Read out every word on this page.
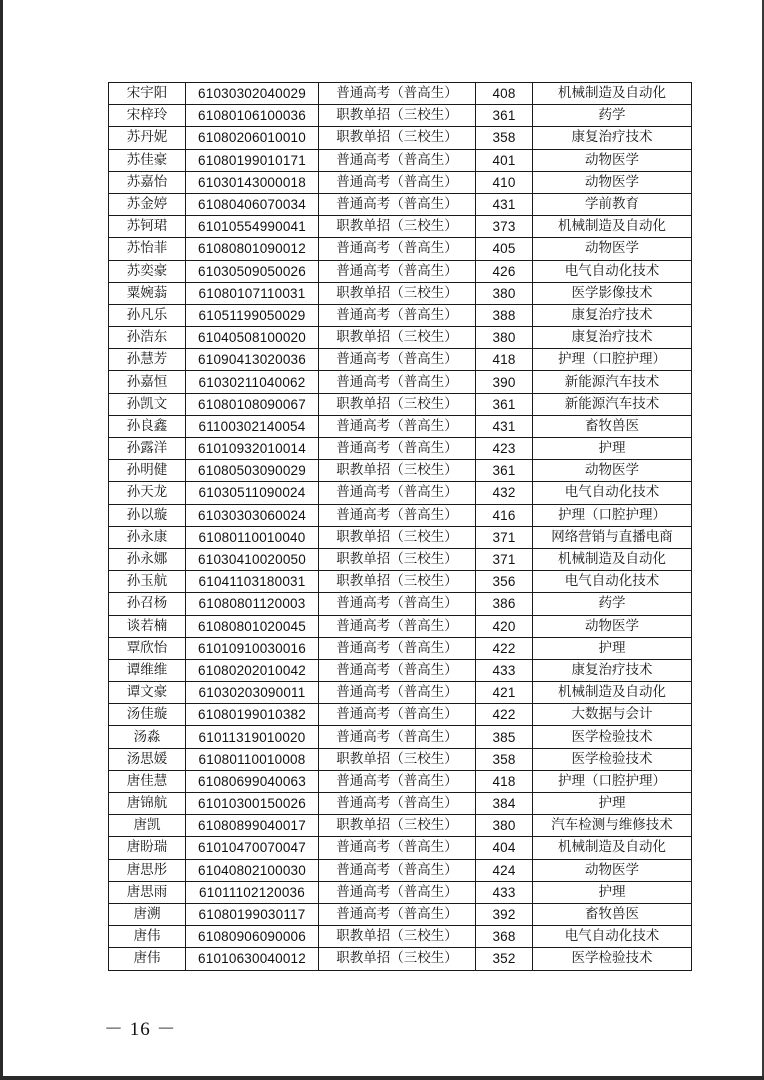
宋宇阳	61030302040029	普通高考（普高生）	408	机械制造及自动化
宋梓玲	61080106100036	职教单招（三校生）	361	药学
苏丹妮	61080206010010	职教单招（三校生）	358	康复治疗技术
苏佳豪	61080199010171	普通高考（普高生）	401	动物医学
苏嘉怡	61030143000018	普通高考（普高生）	410	动物医学
苏金婷	61080406070034	普通高考（普高生）	431	学前教育
苏钶珺	61010554990041	职教单招（三校生）	373	机械制造及自动化
苏怡菲	61080801090012	普通高考（普高生）	405	动物医学
苏奕豪	61030509050026	普通高考（普高生）	426	电气自动化技术
粟婉蓊	61080107110031	职教单招（三校生）	380	医学影像技术
孙凡乐	61051199050029	普通高考（普高生）	388	康复治疗技术
孙浩东	61040508100020	职教单招（三校生）	380	康复治疗技术
孙慧芳	61090413020036	普通高考（普高生）	418	护理（口腔护理）
孙嘉恒	61030211040062	普通高考（普高生）	390	新能源汽车技术
孙凯文	61080108090067	职教单招（三校生）	361	新能源汽车技术
孙良鑫	61100302140054	普通高考（普高生）	431	畜牧兽医
孙露洋	61010932010014	普通高考（普高生）	423	护理
孙明健	61080503090029	职教单招（三校生）	361	动物医学
孙天龙	61030511090024	普通高考（普高生）	432	电气自动化技术
孙以璇	61030303060024	普通高考（普高生）	416	护理（口腔护理）
孙永康	61080110010040	职教单招（三校生）	371	网络营销与直播电商
孙永娜	61030410020050	职教单招（三校生）	371	机械制造及自动化
孙玉航	61041103180031	职教单招（三校生）	356	电气自动化技术
孙召杨	61080801120003	普通高考（普高生）	386	药学
谈若楠	61080801020045	普通高考（普高生）	420	动物医学
覃欣怡	61010910030016	普通高考（普高生）	422	护理
谭维维	61080202010042	普通高考（普高生）	433	康复治疗技术
谭文豪	61030203090011	普通高考（普高生）	421	机械制造及自动化
汤佳璇	61080199010382	普通高考（普高生）	422	大数据与会计
汤淼	61011319010020	普通高考（普高生）	385	医学检验技术
汤思媛	61080110010008	职教单招（三校生）	358	医学检验技术
唐佳慧	61080699040063	普通高考（普高生）	418	护理（口腔护理）
唐锦航	61010300150026	普通高考（普高生）	384	护理
唐凯	61080899040017	职教单招（三校生）	380	汽车检测与维修技术
唐盼瑞	61010470070047	普通高考（普高生）	404	机械制造及自动化
唐思彤	61040802100030	普通高考（普高生）	424	动物医学
唐思雨	61011102120036	普通高考（普高生）	433	护理
唐溯	61080199030117	普通高考（普高生）	392	畜牧兽医
唐伟	61080906090006	职教单招（三校生）	368	电气自动化技术
唐伟	61010630040012	职教单招（三校生）	352	医学检验技术
－ 16 －
